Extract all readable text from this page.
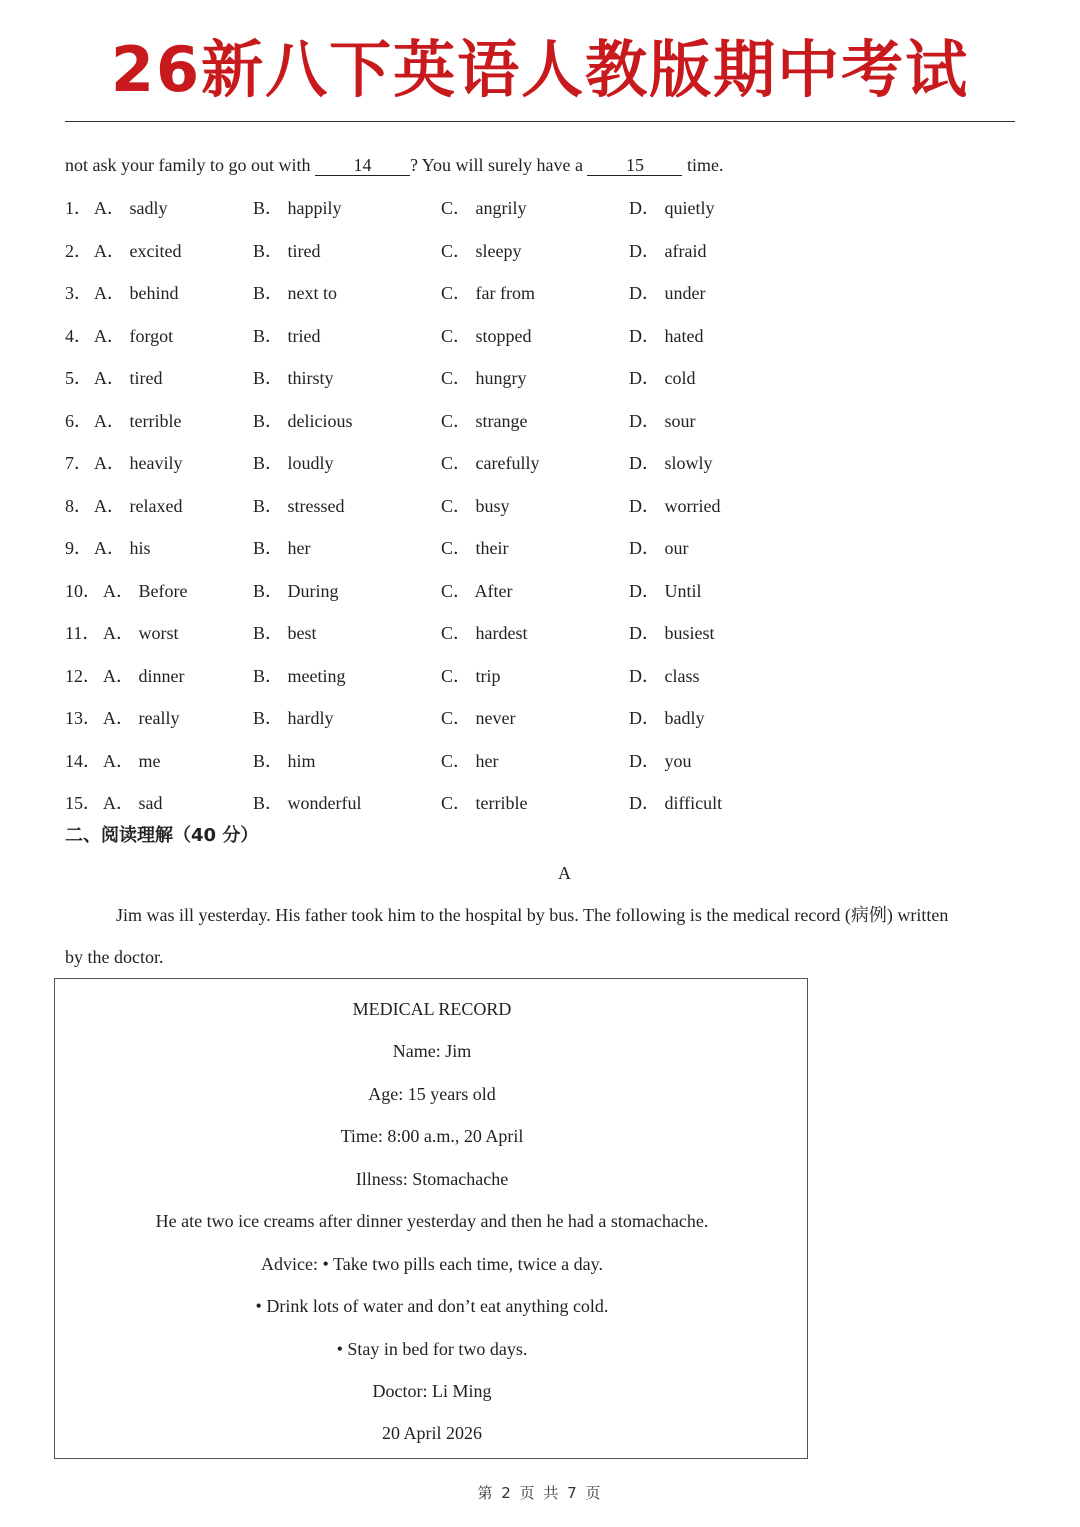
26新八下英语人教版期中考试
not ask your family to go out with 14 ? You will surely have a 15 time.
1． A． sadly	B． happily	C． angrily	D． quietly
2． A． excited	B． tired	C． sleepy	D． afraid
3． A． behind	B． next to	C． far from	D． under
4． A． forgot	B． tried	C． stopped	D． hated
5． A． tired	B． thirsty	C． hungry	D． cold
6． A． terrible	B． delicious	C． strange	D． sour
7． A． heavily	B． loudly	C． carefully	D． slowly
8． A． relaxed	B． stressed	C． busy	D． worried
9． A． his	B． her	C． their	D． our
10． A． Before	B． During	C． After	D． Until
11． A． worst	B． best	C． hardest	D． busiest
12． A． dinner	B． meeting	C． trip	D． class
13． A． really	B． hardly	C． never	D． badly
14． A． me	B． him	C． her	D． you
15． A． sad	B． wonderful	C． terrible	D． difficult
二、阅读理解（40 分）
A
Jim was ill yesterday. His father took him to the hospital by bus. The following is the medical record (病例) written
by the doctor.
MEDICAL RECORD
Name: Jim
Age: 15 years old
Time: 8:00 a.m., 20 April
Illness: Stomachache
He ate two ice creams after dinner yesterday and then he had a stomachache.
Advice: • Take two pills each time, twice a day.
• Drink lots of water and don’t eat anything cold.
• Stay in bed for two days.
Doctor: Li Ming
20 April 2026
第 2 页 共 7 页
